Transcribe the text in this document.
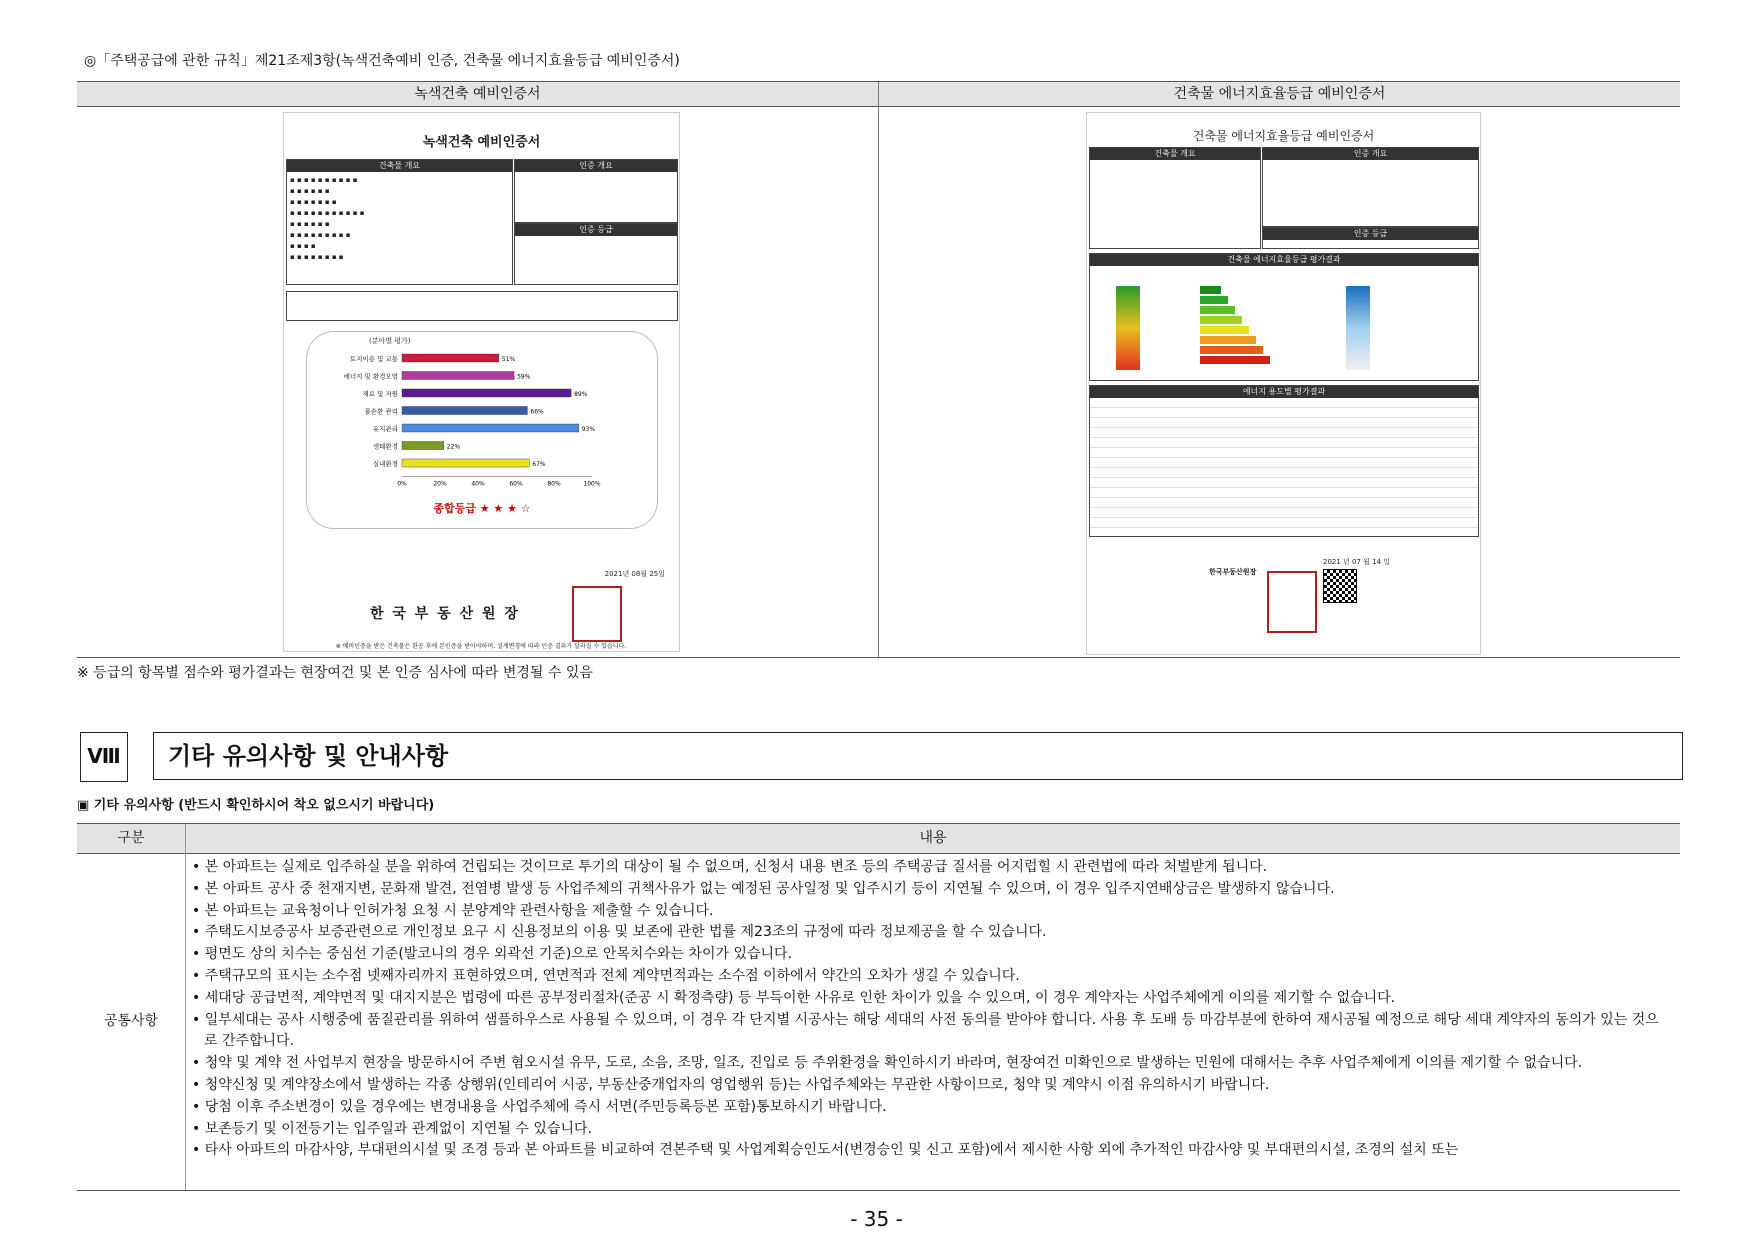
◎「주택공급에 관한 규칙」제21조제3항(녹색건축예비 인증, 건축물 에너지효율등급 예비인증서)
녹색건축 예비인증서	건축물 에너지효율등급 예비인증서
녹색건축 예비인증서
건축물 개요
▪ ▪ ▪ ▪ ▪ ▪ ▪ ▪ ▪ ▪
▪ ▪ ▪ ▪ ▪ ▪
▪ ▪ ▪ ▪ ▪ ▪ ▪
▪ ▪ ▪ ▪ ▪ ▪ ▪ ▪ ▪ ▪ ▪
▪ ▪ ▪ ▪ ▪ ▪
▪ ▪ ▪ ▪ ▪ ▪ ▪ ▪ ▪
▪ ▪ ▪ ▪
▪ ▪ ▪ ▪ ▪ ▪ ▪ ▪
인증 개요
인증 등급
(분야별 평가)
토지이용 및 교통	51%
에너지 및 환경오염	59%
재료 및 자원	89%
물순환 관리	66%
유지관리	93%
생태환경	22%
실내환경	67%
0%	20%	40%	60%	80%	100%
종합등급 ★ ★ ★ ☆
2021년 08월 25일
한 국 부 동 산 원 장
※ 예비인증을 받은 건축물은 완공 후에 본인증을 받아야하며, 설계변경에 따라 인증 결과가 달라질 수 있습니다.
건축물 에너지효율등급 예비인증서
건축물 개요	인증 개요
인증 등급
건축물 에너지효율등급 평가결과
에너지 용도별 평가결과
한국부동산원장
2021 년 07 월 14 일
※ 등급의 항목별 점수와 평가결과는 현장여건 및 본 인증 심사에 따라 변경될 수 있음
Ⅷ	기타 유의사항 및 안내사항
▣ 기타 유의사항 (반드시 확인하시어 착오 없으시기 바랍니다)
구분	내용
공통사항
• 본 아파트는 실제로 입주하실 분을 위하여 건립되는 것이므로 투기의 대상이 될 수 없으며, 신청서 내용 변조 등의 주택공급 질서를 어지럽힐 시 관련법에 따라 처벌받게 됩니다.
• 본 아파트 공사 중 천재지변, 문화재 발견, 전염병 발생 등 사업주체의 귀책사유가 없는 예정된 공사일정 및 입주시기 등이 지연될 수 있으며, 이 경우 입주지연배상금은 발생하지 않습니다.
• 본 아파트는 교육청이나 인허가청 요청 시 분양계약 관련사항을 제출할 수 있습니다.
• 주택도시보증공사 보증관련으로 개인정보 요구 시 신용정보의 이용 및 보존에 관한 법률 제23조의 규정에 따라 정보제공을 할 수 있습니다.
• 평면도 상의 치수는 중심선 기준(발코니의 경우 외곽선 기준)으로 안목치수와는 차이가 있습니다.
• 주택규모의 표시는 소수점 넷째자리까지 표현하였으며, 연면적과 전체 계약면적과는 소수점 이하에서 약간의 오차가 생길 수 있습니다.
• 세대당 공급면적, 계약면적 및 대지지분은 법령에 따른 공부정리절차(준공 시 확정측량) 등 부득이한 사유로 인한 차이가 있을 수 있으며, 이 경우 계약자는 사업주체에게 이의를 제기할 수 없습니다.
• 일부세대는 공사 시행중에 품질관리를 위하여 샘플하우스로 사용될 수 있으며, 이 경우 각 단지별 시공사는 해당 세대의 사전 동의를 받아야 합니다. 사용 후 도배 등 마감부분에 한하여 재시공될 예정으로 해당 세대 계약자의 동의가 있는 것으로 간주합니다.
• 청약 및 계약 전 사업부지 현장을 방문하시어 주변 혐오시설 유무, 도로, 소음, 조망, 일조, 진입로 등 주위환경을 확인하시기 바라며, 현장여건 미확인으로 발생하는 민원에 대해서는 추후 사업주체에게 이의를 제기할 수 없습니다.
• 청약신청 및 계약장소에서 발생하는 각종 상행위(인테리어 시공, 부동산중개업자의 영업행위 등)는 사업주체와는 무관한 사항이므로, 청약 및 계약시 이점 유의하시기 바랍니다.
• 당첨 이후 주소변경이 있을 경우에는 변경내용을 사업주체에 즉시 서면(주민등록등본 포함)통보하시기 바랍니다.
• 보존등기 및 이전등기는 입주일과 관계없이 지연될 수 있습니다.
• 타사 아파트의 마감사양, 부대편의시설 및 조경 등과 본 아파트를 비교하여 견본주택 및 사업계획승인도서(변경승인 및 신고 포함)에서 제시한 사항 외에 추가적인 마감사양 및 부대편의시설, 조경의 설치 또는
- 35 -
